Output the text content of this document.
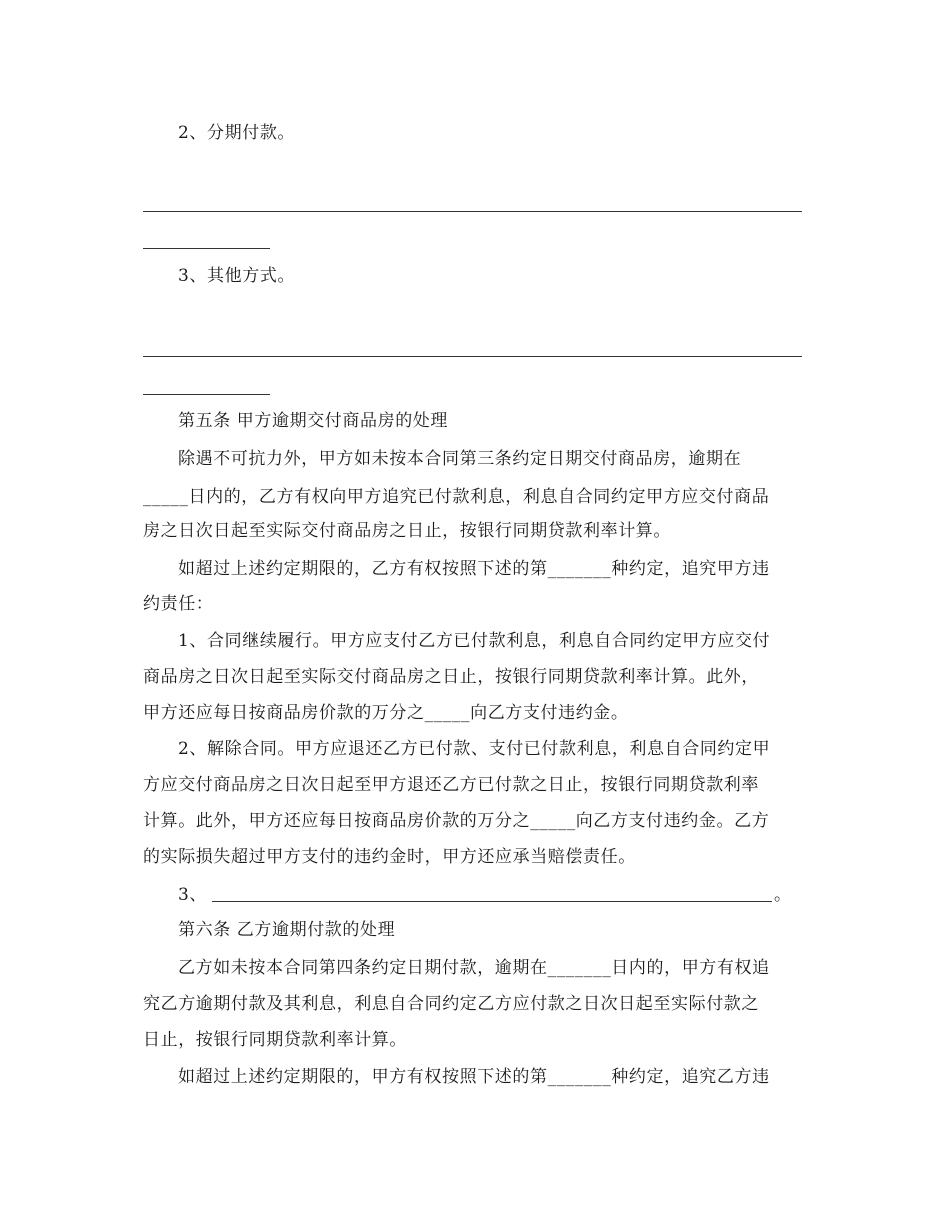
2、分期付款。
3、其他方式。
第五条 甲方逾期交付商品房的处理
除遇不可抗力外，甲方如未按本合同第三条约定日期交付商品房，逾期在
_____日内的，乙方有权向甲方追究已付款利息，利息自合同约定甲方应交付商品
房之日次日起至实际交付商品房之日止，按银行同期贷款利率计算。
如超过上述约定期限的，乙方有权按照下述的第_______种约定，追究甲方违
约责任：
1、合同继续履行。甲方应支付乙方已付款利息，利息自合同约定甲方应交付
商品房之日次日起至实际交付商品房之日止，按银行同期贷款利率计算。此外，
甲方还应每日按商品房价款的万分之_____向乙方支付违约金。
2、解除合同。甲方应退还乙方已付款、支付已付款利息，利息自合同约定甲
方应交付商品房之日次日起至甲方退还乙方已付款之日止，按银行同期贷款利率
计算。此外，甲方还应每日按商品房价款的万分之_____向乙方支付违约金。乙方
的实际损失超过甲方支付的违约金时，甲方还应承当赔偿责任。
3、	。
第六条 乙方逾期付款的处理
乙方如未按本合同第四条约定日期付款，逾期在_______日内的，甲方有权追
究乙方逾期付款及其利息，利息自合同约定乙方应付款之日次日起至实际付款之
日止，按银行同期贷款利率计算。
如超过上述约定期限的，甲方有权按照下述的第_______种约定，追究乙方违
